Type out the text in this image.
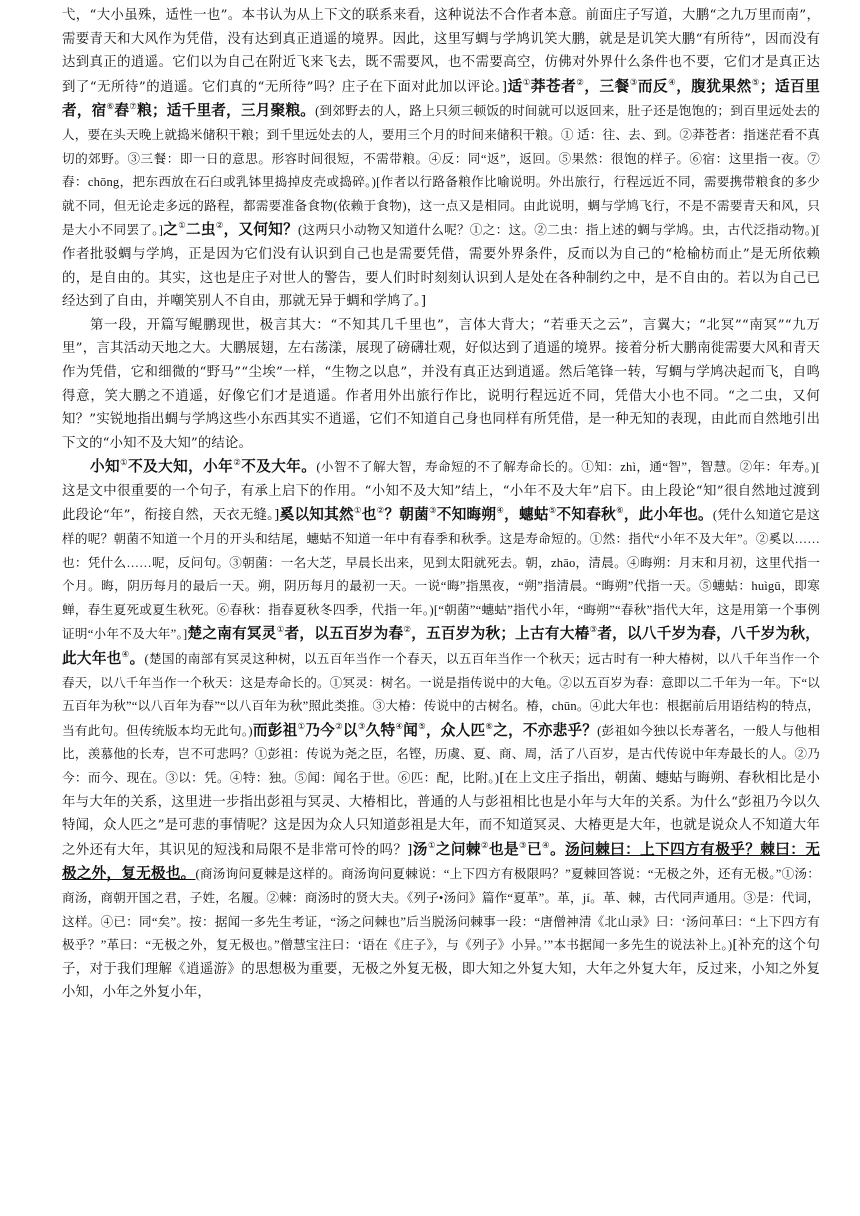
弋，“大小虽殊，适性一也”。本书认为从上下文的联系来看，这种说法不合作者本意。前面庄子写道，大鹏“之九万里而南”，需要青天和大风作为凭借，没有达到真正逍遥的境界。因此，这里写蜩与学鸠讥笑大鹏，就是是讥笑大鹏“有所待”，因而没有达到真正的逍遥。它们以为自己在附近飞来飞去，既不需要风，也不需要高空，仿佛对外界什么条件也不要，它们才是真正达到了“无所待”的逍遥。它们真的“无所待”吗？庄子在下面对此加以评论。]适①莽苍者②，三餐③而反④，腹犹果然⑤；适百里者，宿⑥舂⑦粮；适千里者，三月聚粮。(到郊野去的人，路上只须三顿饭的时间就可以返回来，肚子还是饱饱的；到百里远处去的人，要在头天晚上就捣米储积干粮；到千里远处去的人，要用三个月的时间来储积干粮。① 适：往、去、到。②莽苍者：指迷茫看不真切的郊野。③三餐：即一日的意思。形容时间很短，不需带粮。④反：同“返”，返回。⑤果然：很饱的样子。⑥宿：这里指一夜。⑦舂：chōng，把东西放在石臼或乳钵里捣掉皮壳或捣碎。)[作者以行路备粮作比喻说明。外出旅行，行程远近不同，需要携带粮食的多少就不同，但无论走多远的路程，都需要准备食物(依赖于食物)，这一点又是相同。由此说明，蜩与学鸠飞行，不是不需要青天和风，只是大小不同罢了。]之①二虫②，又何知？(这两只小动物又知道什么呢？①之：这。②二虫：指上述的蜩与学鸠。虫，古代泛指动物。)[ 作者批驳蜩与学鸠，正是因为它们没有认识到自己也是需要凭借，需要外界条件，反而以为自己的“枪榆枋而止”是无所依赖的，是自由的。其实，这也是庄子对世人的警告，要人们时时刻刻认识到人是处在各种制约之中，是不自由的。若以为自己已经达到了自由，并嘲笑别人不自由，那就无异于蜩和学鸠了。]

第一段，开篇写鲲鹏现世，极言其大：“不知其几千里也”，言体大背大；“若垂天之云”，言翼大；“北冥”“南冥”“九万里”，言其活动天地之大。大鹏展翅，左右荡漾，展现了磅礴壮观，好似达到了逍遥的境界。接着分析大鹏南徙需要大风和青天作为凭借，它和细微的“野马”“尘埃”一样，“生物之以息”，并没有真正达到逍遥。然后笔锋一转，写蜩与学鸠决起而飞，自鸣得意，笑大鹏之不逍遥，好像它们才是逍遥。作者用外出旅行作比，说明行程远近不同，凭借大小也不同。“之二虫，又何知？”实锐地指出蜩与学鸠这些小东西其实不逍遥，它们不知道自己身也同样有所凭借，是一种无知的表现，由此而自然地引出下文的“小知不及大知”的结论。

小知①不及大知，小年②不及大年。(小智不了解大智，寿命短的不了解寿命长的。①知：zhì，通“智”，智慧。②年：年寿。)[ 这是文中很重要的一个句子，有承上启下的作用。“小知不及大知”结上，“小年不及大年”启下。由上段论“知”很自然地过渡到此段论“年”，衔接自然，天衣无缝。]奚以知其然①也②？朝菌③不知晦朔④，蟪蛄⑤不知春秋⑥，此小年也。(凭什么知道它是这样的呢？朝菌不知道一个月的开头和结尾，蟪蛄不知道一年中有春季和秋季。这是寿命短的。①然：指代“小年不及大年”。②奚以……也：凭什么……呢，反问句。③朝菌：一名大芝，早晨长出来，见到太阳就死去。朝，zhāo，清晨。④晦朔：月末和月初，这里代指一个月。晦，阴历每月的最后一天。朔，阴历每月的最初一天。一说“晦”指黑夜，“朔”指清晨。“晦朔”代指一天。⑤蟪蛄：huìgū，即寒蝉，春生夏死或夏生秋死。⑥春秋：指春夏秋冬四季，代指一年。)[“朝菌”“蟪蛄”指代小年，“晦朔”“春秋”指代大年，这是用第一个事例证明“小年不及大年”。]楚之南有冥灵①者，以五百岁为春②，五百岁为秋；上古有大椿③者，以八千岁为春，八千岁为秋，此大年也④。(楚国的南部有冥灵这种树，以五百年当作一个春天，以五百年当作一个秋天；远古时有一种大椿树，以八千年当作一个春天，以八千年当作一个秋天：这是寿命长的。①冥灵：树名。一说是指传说中的大龟。②以五百岁为春：意即以二千年为一年。下“以五百年为秋”“以八百年为春”“以八百年为秋”照此类推。③大椿：传说中的古树名。椿，chūn。④此大年也：根据前后用语结构的特点，当有此句。但传统版本均无此句。)而彭祖①乃今②以③久特④闻⑤，众人匹⑥之，不亦悲乎？(彭祖如今独以长寿著名，一般人与他相比，羡慕他的长寿，岂不可悲吗？①彭祖：传说为尧之臣，名铿，历虞、夏、商、周，活了八百岁，是古代传说中年寿最长的人。②乃今：而今、现在。③以：凭。④特：独。⑤闻：闻名于世。⑥匹：配，比附。)[在上文庄子指出，朝菌、蟪蛄与晦朔、春秋相比是小年与大年的关系，这里进一步指出彭祖与冥灵、大椿相比，普通的人与彭祖相比也是小年与大年的关系。为什么“彭祖乃今以久特闻，众人匹之”是可悲的事情呢？这是因为众人只知道彭祖是大年，而不知道冥灵、大椿更是大年，也就是说众人不知道大年之外还有大年，其识见的短浅和局限不是非常可怜的吗？]汤①之问棘②也是③已④。汤问棘曰：上下四方有极乎？棘曰：无极之外，复无极也。(商汤询问夏棘是这样的。商汤询问夏棘说：“上下四方有极限吗？”夏棘回答说：“无极之外，还有无极。”①汤：商汤，商朝开国之君，子姓，名履。②棘：商汤时的贤大夫。《列子•汤问》篇作“夏革”。革，jí。革、棘，古代同声通用。③是：代词，这样。④已：同“矣”。按：据闻一多先生考证，“汤之问棘也”后当脱汤问棘事一段：“唐僧神清《北山录》曰：‘汤问革曰：“上下四方有极乎？”革曰：“无极之外，复无极也。”僧慧宝注曰：‘语在《庄子》，与《列子》小异。’”本书据闻一多先生的说法补上。)[补充的这个句子，对于我们理解《逍遥游》的思想极为重要，无极之外复无极，即大知之外复大知，大年之外复大年，反过来，小知之外复小知，小年之外复小年，
